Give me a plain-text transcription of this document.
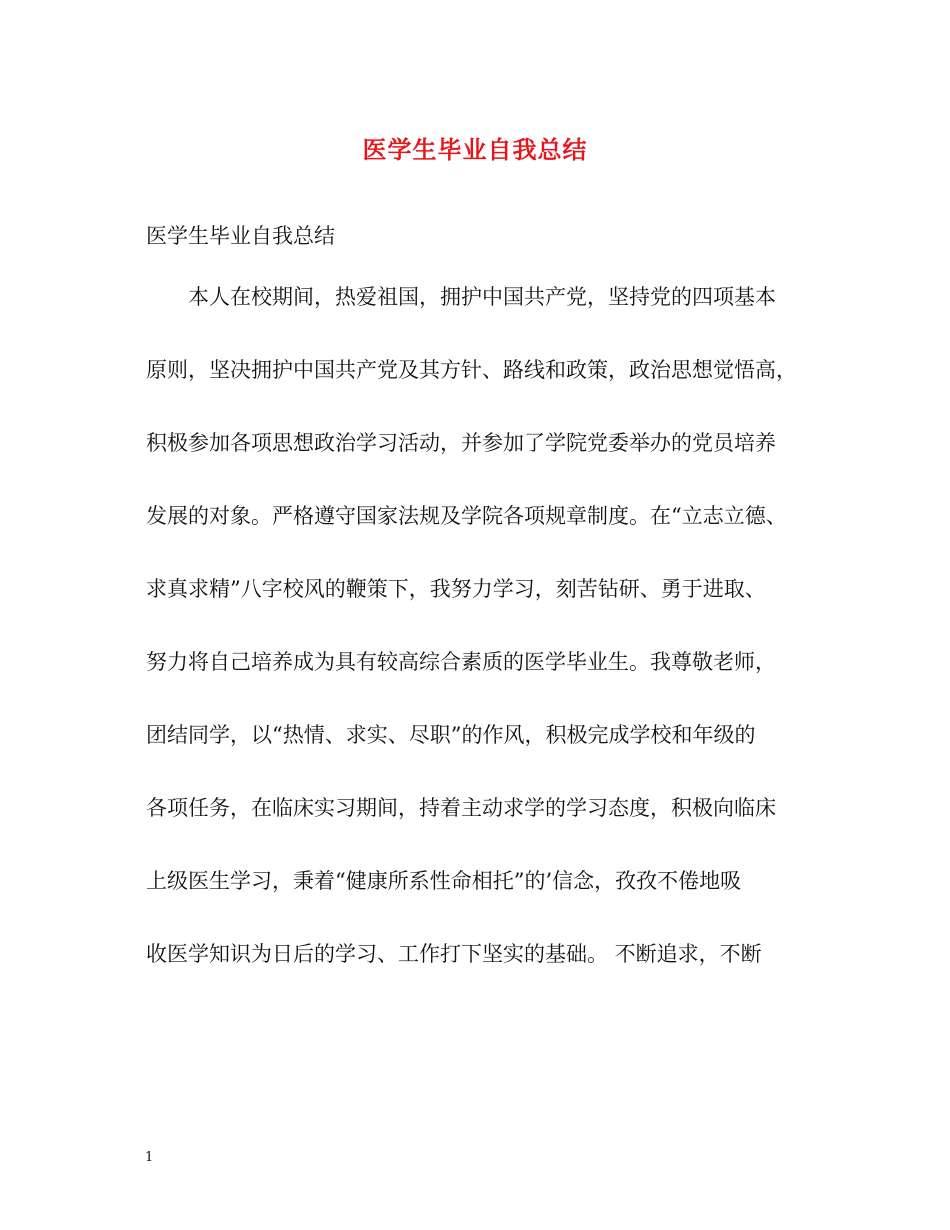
医学生毕业自我总结

医学生毕业自我总结

本人在校期间，热爱祖国，拥护中国共产党，坚持党的四项基本
原则，坚决拥护中国共产党及其方针、路线和政策，政治思想觉悟高，
积极参加各项思想政治学习活动，并参加了学院党委举办的党员培养
发展的对象。严格遵守国家法规及学院各项规章制度。在“立志立德、
求真求精”八字校风的鞭策下，我努力学习，刻苦钻研、勇于进取、
努力将自己培养成为具有较高综合素质的医学毕业生。我尊敬老师，
团结同学，以“热情、求实、尽职”的作风，积极完成学校和年级的
各项任务，在临床实习期间，持着主动求学的学习态度，积极向临床
上级医生学习，秉着“健康所系性命相托”的’信念，孜孜不倦地吸
收医学知识为日后的学习、工作打下坚实的基础。 不断追求，不断
1
